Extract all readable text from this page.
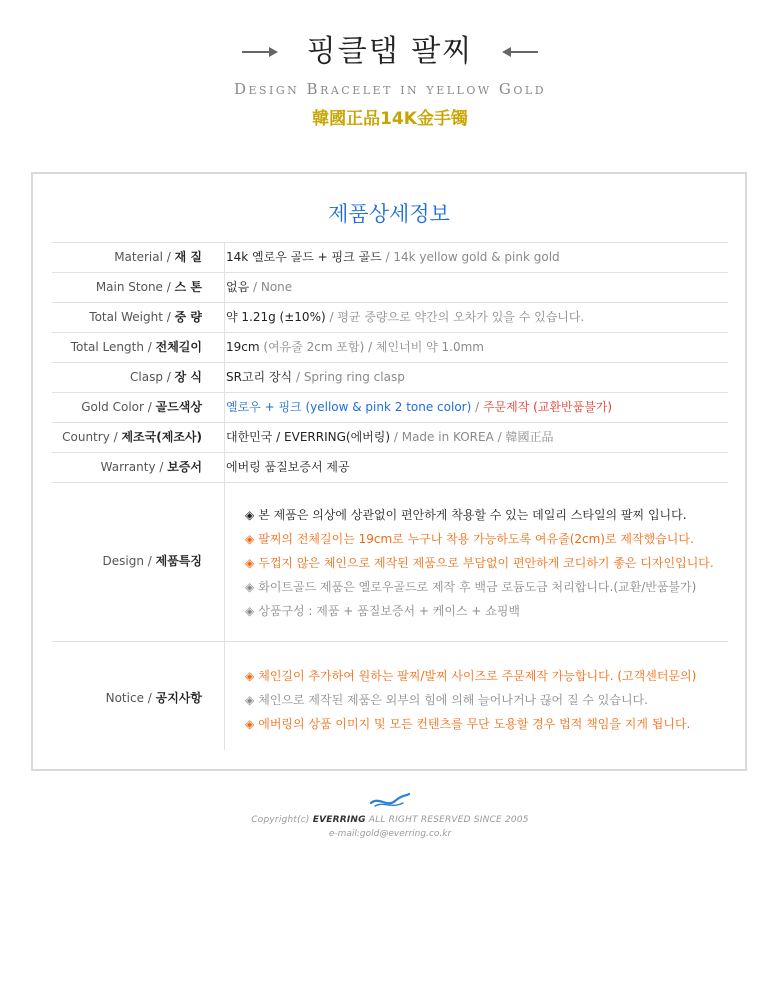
핑클탭 팔찌
Design Bracelet in yellow Gold
韓國正品14K金手镯
제품상세정보
Material / 재 질 14k 옐로우 골드 + 핑크 골드 / 14k yellow gold & pink gold
Main Stone / 스 톤 없음 / None
Total Weight / 중 량 약 1.21g (±10%) / 평균 중량으로 약간의 오차가 있을 수 있습니다.
Total Length / 전체길이 19cm (여유줄 2cm 포함) / 체인너비 약 1.0mm
Clasp / 장 식 SR고리 장식 / Spring ring clasp
Gold Color / 골드색상 옐로우 + 핑크 (yellow & pink 2 tone color) / 주문제작 (교환반품불가)
Country / 제조국(제조사) 대한민국 / EVERRING(에버링) / Made in KOREA / 韓國正品
Warranty / 보증서 에버링 품질보증서 제공
Design / 제품특징
◈ 본 제품은 의상에 상관없이 편안하게 착용할 수 있는 데일리 스타일의 팔찌 입니다.
◈ 팔찌의 전체길이는 19cm로 누구나 착용 가능하도록 여유줄(2cm)로 제작했습니다.
◈ 두껍지 않은 체인으로 제작된 제품으로 부담없이 편안하게 코디하기 좋은 디자인입니다.
◈ 화이트골드 제품은 옐로우골드로 제작 후 백금 로듐도금 처리합니다.(교환/반품불가)
◈ 상품구성 : 제품 + 품질보증서 + 케이스 + 쇼핑백
Notice / 공지사항
◈ 체인길이 추가하여 원하는 팔찌/발찌 사이즈로 주문제작 가능합니다. (고객센터문의)
◈ 체인으로 제작된 제품은 외부의 힘에 의해 늘어나거나 끊어 질 수 있습니다.
◈ 에버링의 상품 이미지 및 모든 컨텐츠를 무단 도용할 경우 법적 책임을 지게 됩니다.
Copyright(c) EVERRING ALL RIGHT RESERVED SINCE 2005
e-mail:gold@everring.co.kr
